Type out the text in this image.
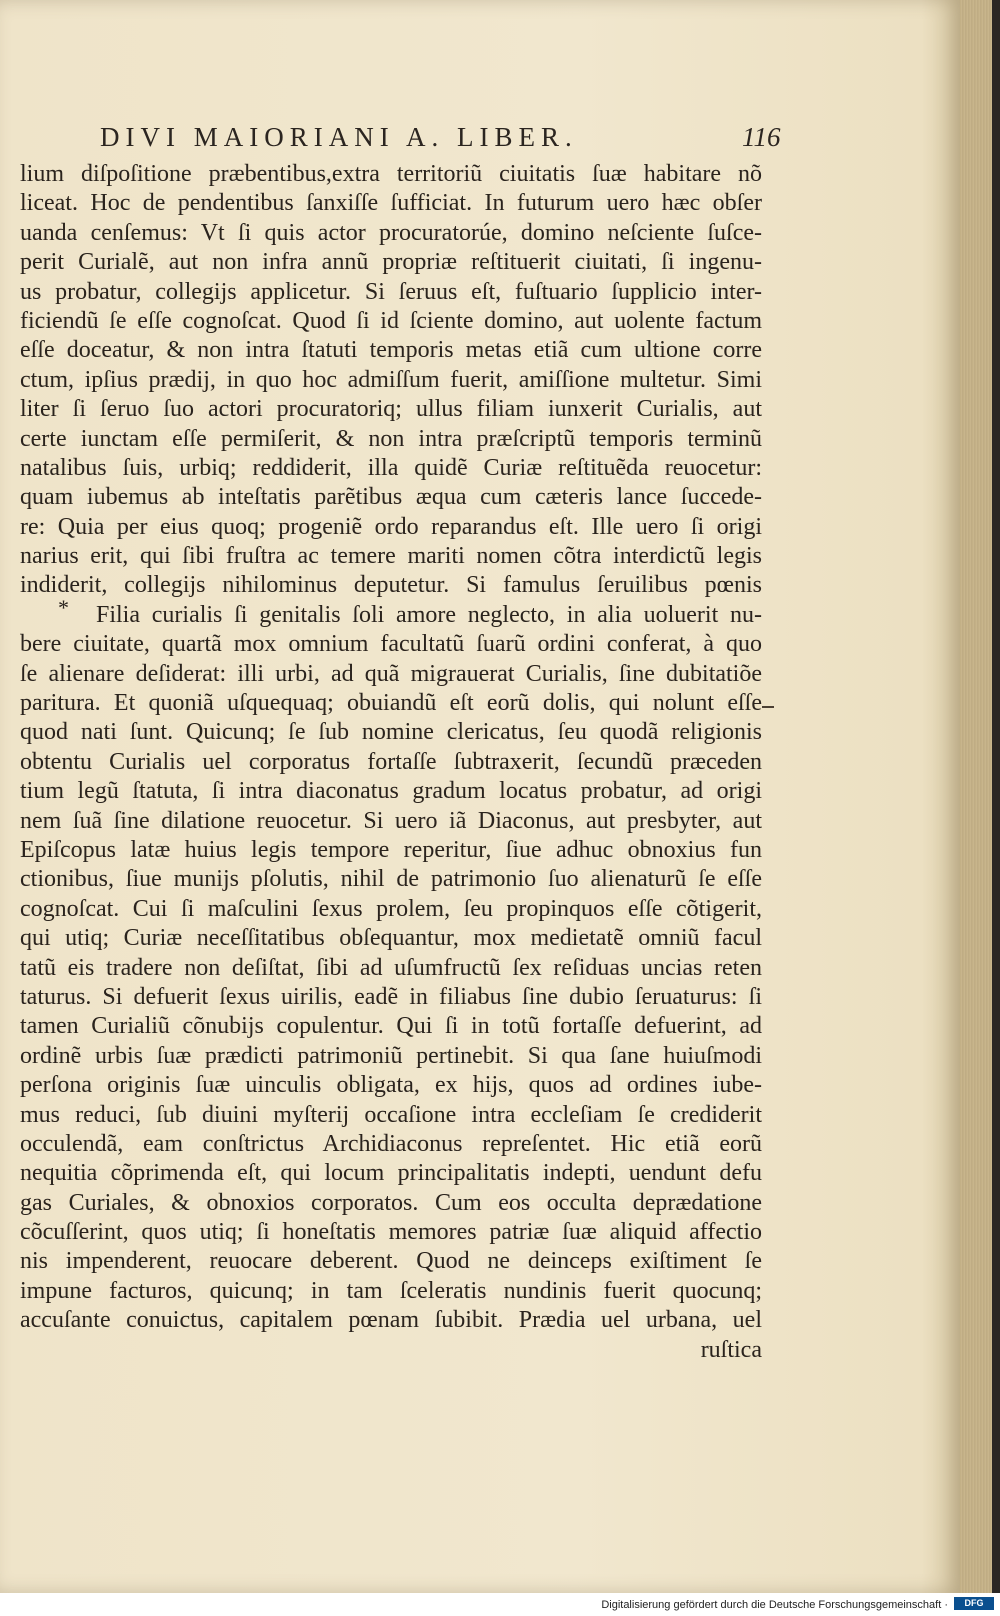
DIVI MAIORIANI A. LIBER.	116
*
lium diſpoſitione præbentibus,extra territoriũ ciuitatis ſuæ habitare nõ
liceat. Hoc de pendentibus ſanxiſſe ſufficiat. In futurum uero hæc obſer
uanda cenſemus: Vt ſi quis actor procuratorúe, domino neſciente ſuſce-
perit Curialẽ, aut non infra annũ propriæ reſtituerit ciuitati, ſi ingenu-
us probatur, collegijs applicetur. Si ſeruus eſt, fuſtuario ſupplicio inter-
ficiendũ ſe eſſe cognoſcat. Quod ſi id ſciente domino, aut uolente factum
eſſe doceatur, & non intra ſtatuti temporis metas etiã cum ultione corre
ctum, ipſius prædij, in quo hoc admiſſum fuerit, amiſſione multetur. Simi
liter ſi ſeruo ſuo actori procuratoriq; ullus filiam iunxerit Curialis, aut
certe iunctam eſſe permiſerit, & non intra præſcriptũ temporis terminũ
natalibus ſuis, urbiq; reddiderit, illa quidẽ Curiæ reſtituẽda reuocetur:
quam iubemus ab inteſtatis parẽtibus æqua cum cæteris lance ſuccede-
re: Quia per eius quoq; progeniẽ ordo reparandus eſt. Ille uero ſi origi
narius erit, qui ſibi fruſtra ac temere mariti nomen cõtra interdictũ legis
indiderit, collegijs nihilominus deputetur. Si famulus ſeruilibus pœnis
Filia curialis ſi genitalis ſoli amore neglecto, in alia uoluerit nu-
bere ciuitate, quartã mox omnium facultatũ ſuarũ ordini conferat, à quo
ſe alienare deſiderat: illi urbi, ad quã migrauerat Curialis, ſine dubitatiõe
paritura. Et quoniã uſquequaq; obuiandũ eſt eorũ dolis, qui nolunt eſſe
quod nati ſunt. Quicunq; ſe ſub nomine clericatus, ſeu quodã religionis
obtentu Curialis uel corporatus fortaſſe ſubtraxerit, ſecundũ præceden
tium legũ ſtatuta, ſi intra diaconatus gradum locatus probatur, ad origi
nem ſuã ſine dilatione reuocetur. Si uero iã Diaconus, aut presbyter, aut
Epiſcopus latæ huius legis tempore reperitur, ſiue adhuc obnoxius fun
ctionibus, ſiue munijs pſolutis, nihil de patrimonio ſuo alienaturũ ſe eſſe
cognoſcat. Cui ſi maſculini ſexus prolem, ſeu propinquos eſſe cõtigerit,
qui utiq; Curiæ neceſſitatibus obſequantur, mox medietatẽ omniũ facul
tatũ eis tradere non deſiſtat, ſibi ad uſumfructũ ſex reſiduas uncias reten
taturus. Si defuerit ſexus uirilis, eadẽ in filiabus ſine dubio ſeruaturus: ſi
tamen Curialiũ cõnubijs copulentur. Qui ſi in totũ fortaſſe defuerint, ad
ordinẽ urbis ſuæ prædicti patrimoniũ pertinebit. Si qua ſane huiuſmodi
perſona originis ſuæ uinculis obligata, ex hijs, quos ad ordines iube-
mus reduci, ſub diuini myſterij occaſione intra eccleſiam ſe crediderit
occulendã, eam conſtrictus Archidiaconus repreſentet. Hic etiã eorũ
nequitia cõprimenda eſt, qui locum principalitatis indepti, uendunt defu
gas Curiales, & obnoxios corporatos. Cum eos occulta deprædatione
cõcuſſerint, quos utiq; ſi honeſtatis memores patriæ ſuæ aliquid affectio
nis impenderent, reuocare deberent. Quod ne deinceps exiſtiment ſe
impune facturos, quicunq; in tam ſceleratis nundinis fuerit quocunq;
accuſante conuictus, capitalem pœnam ſubibit. Prædia uel urbana, uel
ruſtica
Digitalisierung gefördert durch die Deutsche Forschungsgemeinschaft ·	DFG
